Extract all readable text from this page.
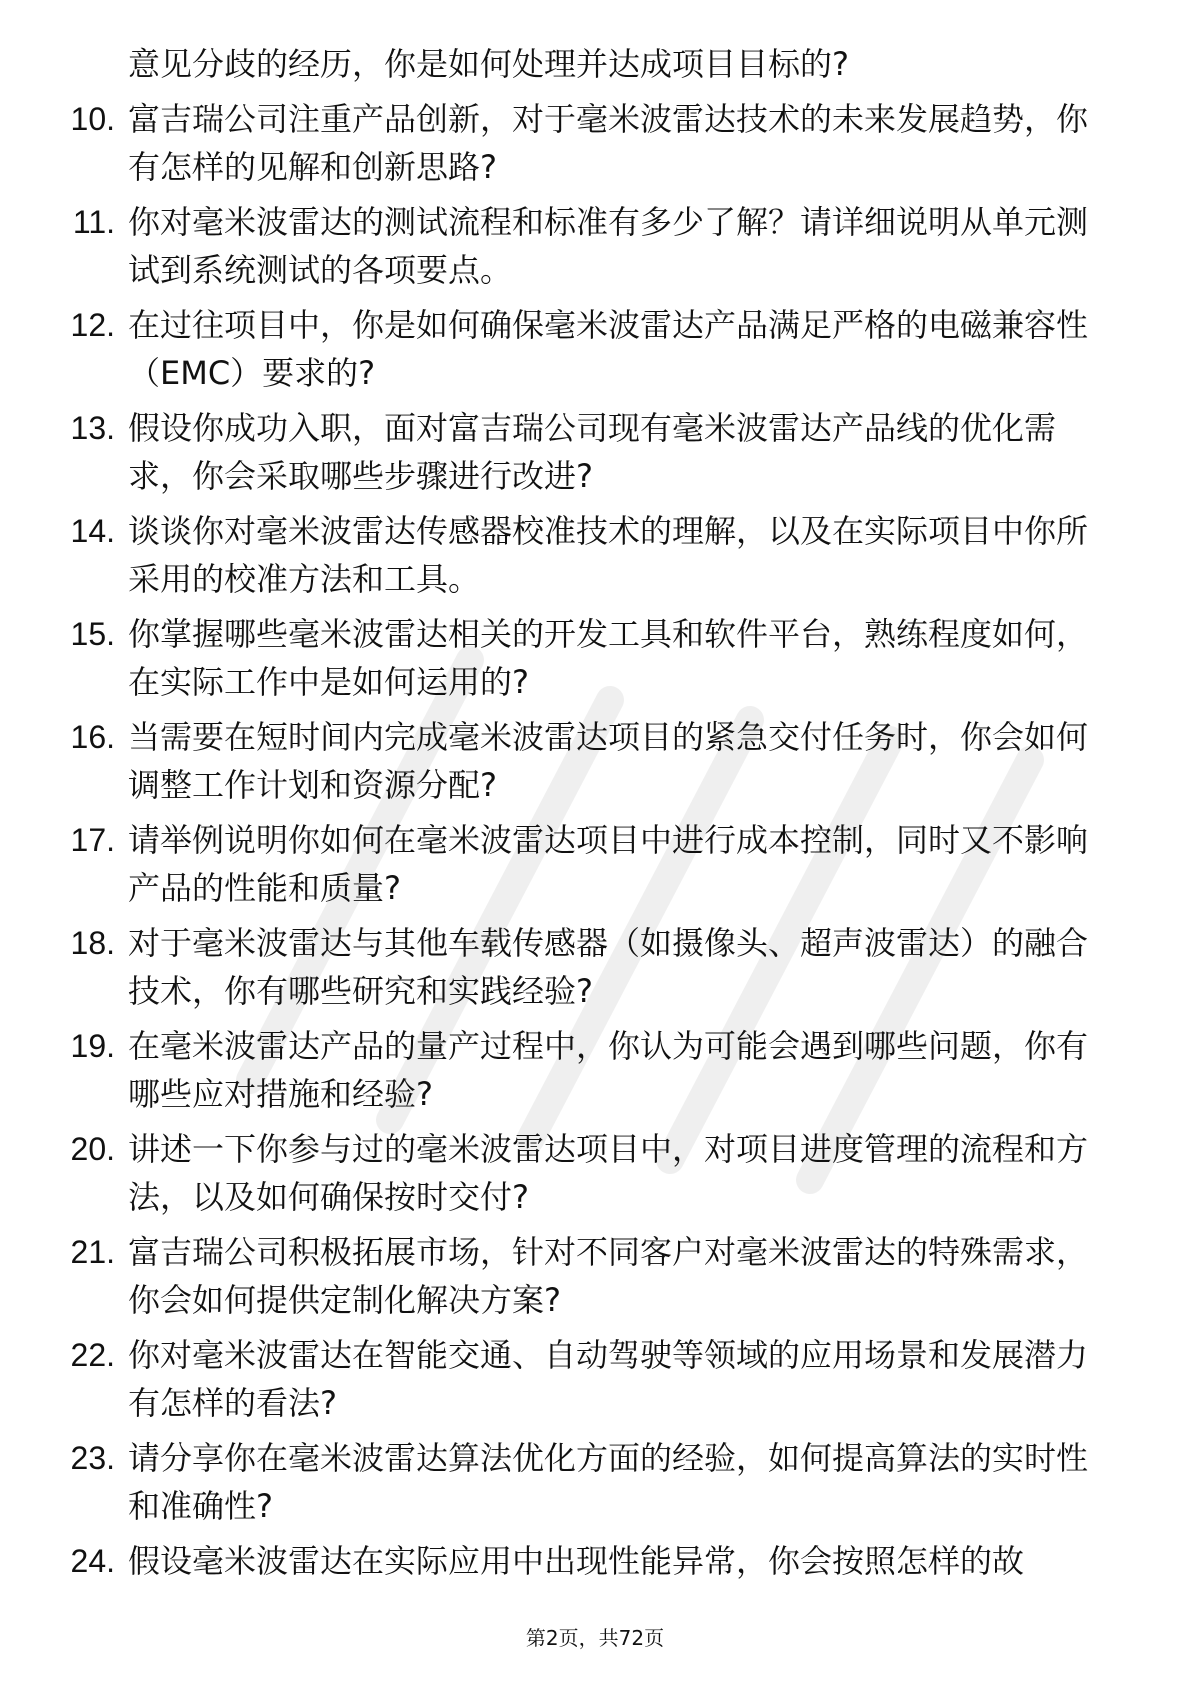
意见分歧的经历，你是如何处理并达成项目目标的?
10 . 富吉瑞公司注重产品创新，对于毫米波雷达技术的未来发展趋势，你有怎样的见解和创新思路?
11 . 你对毫米波雷达的测试流程和标准有多少了解？请详细说明从单元测试到系统测试的各项要点。
12 . 在过往项目中，你是如何确保毫米波雷达产品满足严格的电磁兼容性（EMC）要求的?
13 . 假设你成功入职，面对富吉瑞公司现有毫米波雷达产品线的优化需求，你会采取哪些步骤进行改进?
14 . 谈谈你对毫米波雷达传感器校准技术的理解，以及在实际项目中你所采用的校准方法和工具。
15 . 你掌握哪些毫米波雷达相关的开发工具和软件平台，熟练程度如何，在实际工作中是如何运用的?
16 . 当需要在短时间内完成毫米波雷达项目的紧急交付任务时，你会如何调整工作计划和资源分配?
17 . 请举例说明你如何在毫米波雷达项目中进行成本控制，同时又不影响产品的性能和质量?
18 . 对于毫米波雷达与其他车载传感器（如摄像头、超声波雷达）的融合技术，你有哪些研究和实践经验?
19 . 在毫米波雷达产品的量产过程中，你认为可能会遇到哪些问题，你有哪些应对措施和经验?
20 . 讲述一下你参与过的毫米波雷达项目中，对项目进度管理的流程和方法，以及如何确保按时交付?
21 . 富吉瑞公司积极拓展市场，针对不同客户对毫米波雷达的特殊需求，你会如何提供定制化解决方案?
22 . 你对毫米波雷达在智能交通、自动驾驶等领域的应用场景和发展潜力有怎样的看法?
23 . 请分享你在毫米波雷达算法优化方面的经验，如何提高算法的实时性和准确性?
24 . 假设毫米波雷达在实际应用中出现性能异常，你会按照怎样的故
第2页，共72页
